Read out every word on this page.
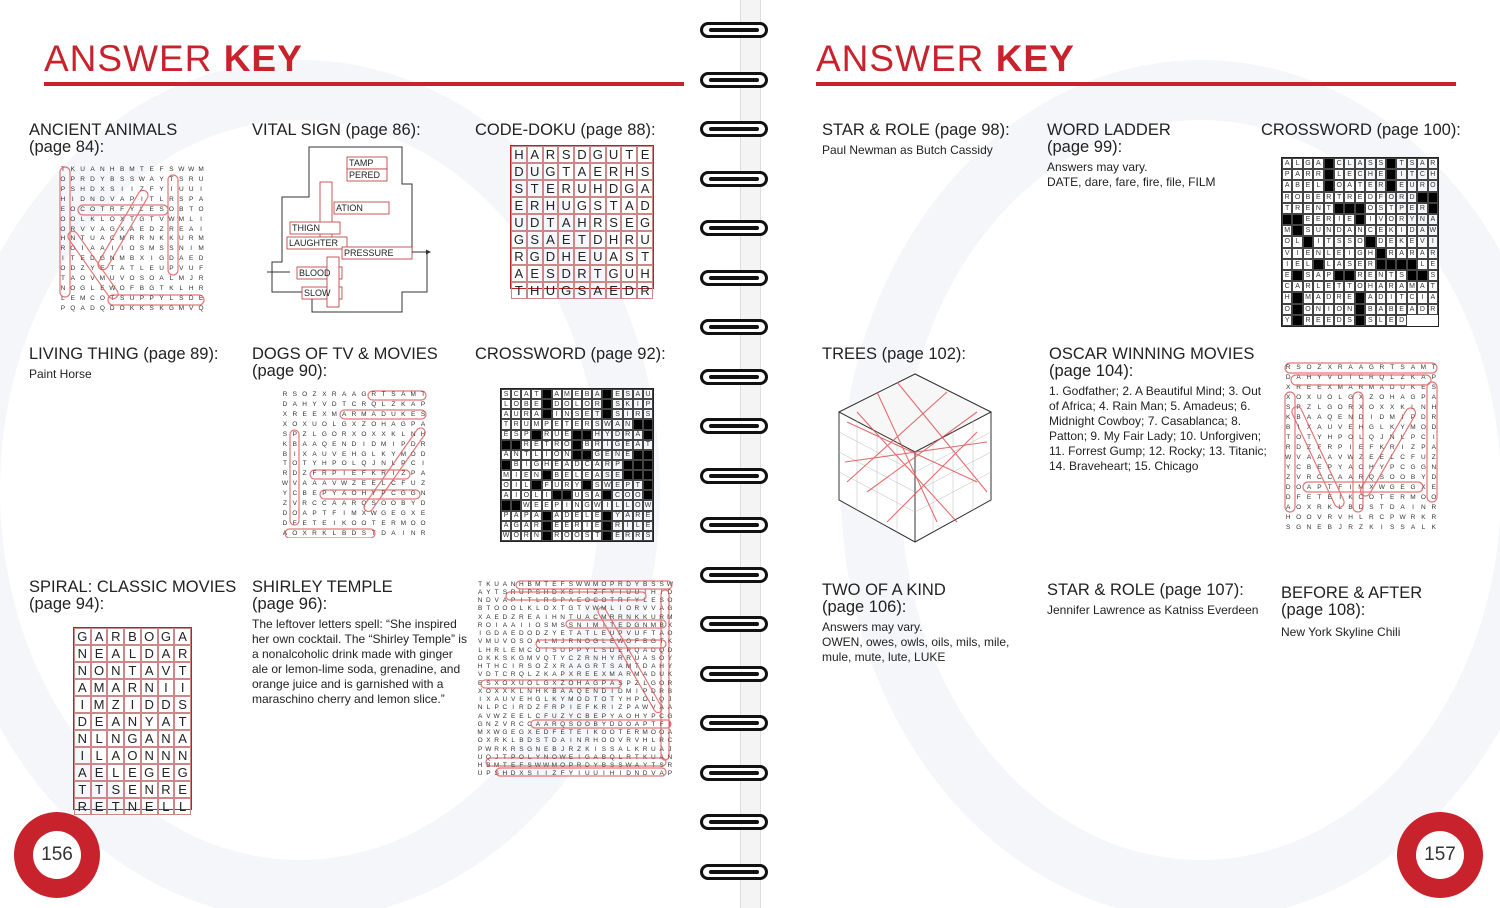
ANSWER KEY
ANCIENT ANIMALS
(page 84):
T K U A N H B M T E F S W W M
O P R D Y B S S W A Y T S R U
P S H D X S	I	I	Z F Y	I	U U	I
H	I	D N D V A P	I	T L R S P A
E O C O T R F Y L E S O B T O
O O L K L O X T G T V W M L	I
O R V V A G X A E D Z R E A	I
H N T U A C M R R N K K U R M
R O I	A A	I	I O S M S S N	I M
I	T E D G N M B X	I G D A E D
O D Z Y E T A T L E U P V U F
T A O V M U V O S O A L M J R
N O G L E W O F B G T K L H R
L E M C O T S U P P Y L S D E
P Q A D Q D O K K S K G M V Q
VITAL SIGN (page 86):
TAMP
PERED
ATION
THIGN
LAUGHTER
PRESSURE
BLOOD
SLOW
CODE-DOKU (page 88):
H A R S D G U T E
D U G T A E R H S
S T E R U H D G A
E R H U G S T A D
U D T A H R S E G
G S A E T D H R U
R G D H E U A S T
A E S D R T G U H
T H U G S A E D R
LIVING THING (page 89):

Paint Horse

DOGS OF TV & MOVIES
(page 90):
R S O Z X R A A G R T S A M T
D A H Y V D T C R Q L Z K A P
X R E E X M A R M A D U K E S
X O X U O L G X Z O H A G P A
S P Z L G O R X O X X K L N H
K B A A Q E N D	I	D M I	P D R
B	I	X A U V E H G L K Y M O D
T O T Y H P O L Q J N L P C	I
R D Z F R P	I	E F K R	I	Z P A
W V A A A V W Z E E L C F U Z
Y C B E P Y A O H Y P C G G N
Z V R C C A A R Q S O O B Y D
D O A P T F	I M X W G E G X E
D F E T E	I	K O O T E R M O O
A O X R K L B D S T D A	I	N R
CROSSWORD (page 92):
S C A T	A M E B A	E S A U
L O B E	D O L O R	S K I P
A U R A	I N S E T	S I R S
T R U M P E T E R S W A N
E S P	R U E	H Y D R A
R E T R O	B R I G E A T
A N T L	I O N	G E N E
B I G H E A D C A R P
M I E N	B E L E A S E
O I	L	F U R Y	S W E P T
A I O L	I	U S A	C O O
W E E P I N G W I	L L O W
P A P A	A D E L E	Y A R E
A G A R	E E R I E	R I	L E
W O R N	R O O S T	E R R S
SPIRAL: CLASSIC MOVIES
(page 94):
G A R B O G A
N E A L D A R
N O N T A V T
A M A R N I	I
I M Z I D D S
D E A N Y A T
N L N G A N A
I L A O N N N
A E L E G E G
T T S E N R E
R E T N E L L
SHIRLEY TEMPLE
(page 96):

The leftover letters spell: “She inspired her own cocktail. The “Shirley Temple” is a nonalcoholic drink made with ginger ale or lemon-lime soda, grenadine, and orange juice and is garnished with a maraschino cherry and lemon slice.”

T K U A N H B M T E F S W W M O P R D Y B S S W
A Y T S R U P S H D X S I I Z F Y I U U I H I D
N D V A P I T L R S P A E O C O T R F Y L E S O
B T O O O L K L O X T G T V W M L I O R V V A G
X A E D Z R E A I H N T U A C M R R N K K U R M
R O I A A I I O S M S S N I M I T E D G N M B X
I G D A E D O D Z Y E T A T L E U P V U F T A O
V M U V O S O A L M J R N O G L E W O F B G T K
L H R L E M C O T S U P P Y L S D E P Q A D Q D
O K K S K G M V Q T Y C Z R N H Y R R U A S O Y
H T H C I R S O Z X R A A G R T S A M T D A H Y
V D T C R Q L Z K A P X R E E X M A R M A D U K
E S X O X U O L G X Z O H A G P A S P Z L G O R
X O X X K L N H K B A A Q E N D I D M I P D R B
I X A U V E H G L K Y M O D T O T Y H P O L Q J
N L P C I R D Z F R P I E F K R I Z P A W V A A
A V W Z E E L C F U Z Y C B E P Y A O H Y P C G
G N Z V R C C A A R Q S O O B Y D D O A P T F I
M X W G E G X E D F E T E I K O O T E R M O O A
O X R K L B D S T D A I N R H O O V R V H L R C
P W R K R S G N E B J R Z K I S S A L K R U A J
U Q J T P O L Y N O W E I G A B Q L R T K U A N
H B M T E F S W W M O P R D Y B S S W A Y T S R
U P S H D X S I I Z F Y I U U I H I D N D V A P
156
ANSWER KEY
STAR & ROLE (page 98):

Paul Newman as Butch Cassidy

WORD LADDER
(page 99):

Answers may vary.

DATE, dare, fare, fire, file, FILM

CROSSWORD (page 100):
A L G A	C L A S S	T S A R
P A R R	L E C H E	I	T C H
A B E L	O A T E R	E U R O
R O B E R T R E D F O R D
T R E N T	O S T P E R
E E R I	E	I	V O R Y N A
M	S U N D A N C E K	I D A W
O L	I	T S S O	D E K E V	I
V	I	E N L E	I G H	R A R A R
I	E L	L A S E R	L E
E	S A P	R E N T S	S
C A R L E T T O H A R A M A T
H	M A D R E	A D I	T C I	A
O	O N I O N	B A B E A D R
Y	R E E D S	S L E D
TREES (page 102):	OSCAR WINNING MOVIES
(page 104):

1. Godfather; 2. A Beautiful Mind; 3. Out of Africa; 4. Rain Man; 5. Amadeus; 6. Midnight Cowboy; 7. Casablanca; 8. Patton; 9. My Fair Lady; 10. Unforgiven; 11. Forrest Gump; 12. Rocky; 13. Titanic; 14. Braveheart; 15. Chicago

R S O Z X R A A G R T S A M T
D A H Y V D T C R Q L	Z K A P
X R E E X M A R M A D U K E S
X O X U O L G X Z O H A G P A
S P Z	L G O R X O X X K L N H
K B A A Q E N D	I	D M	I	P D R
B	I	X A U V E H G L K Y M O D
T O T Y H P O L Q J N L P C	I
R D Z F R P	I	E F K R	I	Z P A
W V A A A V W Z E E L C F U Z
Y C B E P Y A O H Y P C G G N
Z V R C C A A R Q S O O B Y D
D O A P T F	I	M X W G E G X E
D F E T E	I	K O O T E R M O O
A O X R K L B D S T D A	I	N R
H O O V R V H L R C P W R K R
S G N E B	J R Z K	I	S S A L K
TWO OF A KIND
(page 106):

Answers may vary.

OWEN, owes, owls, oils, mils, mile, mule, mute, lute, LUKE

STAR & ROLE (page 107):

Jennifer Lawrence as Katniss Everdeen

BEFORE & AFTER
(page 108):

New York Skyline Chili

157
